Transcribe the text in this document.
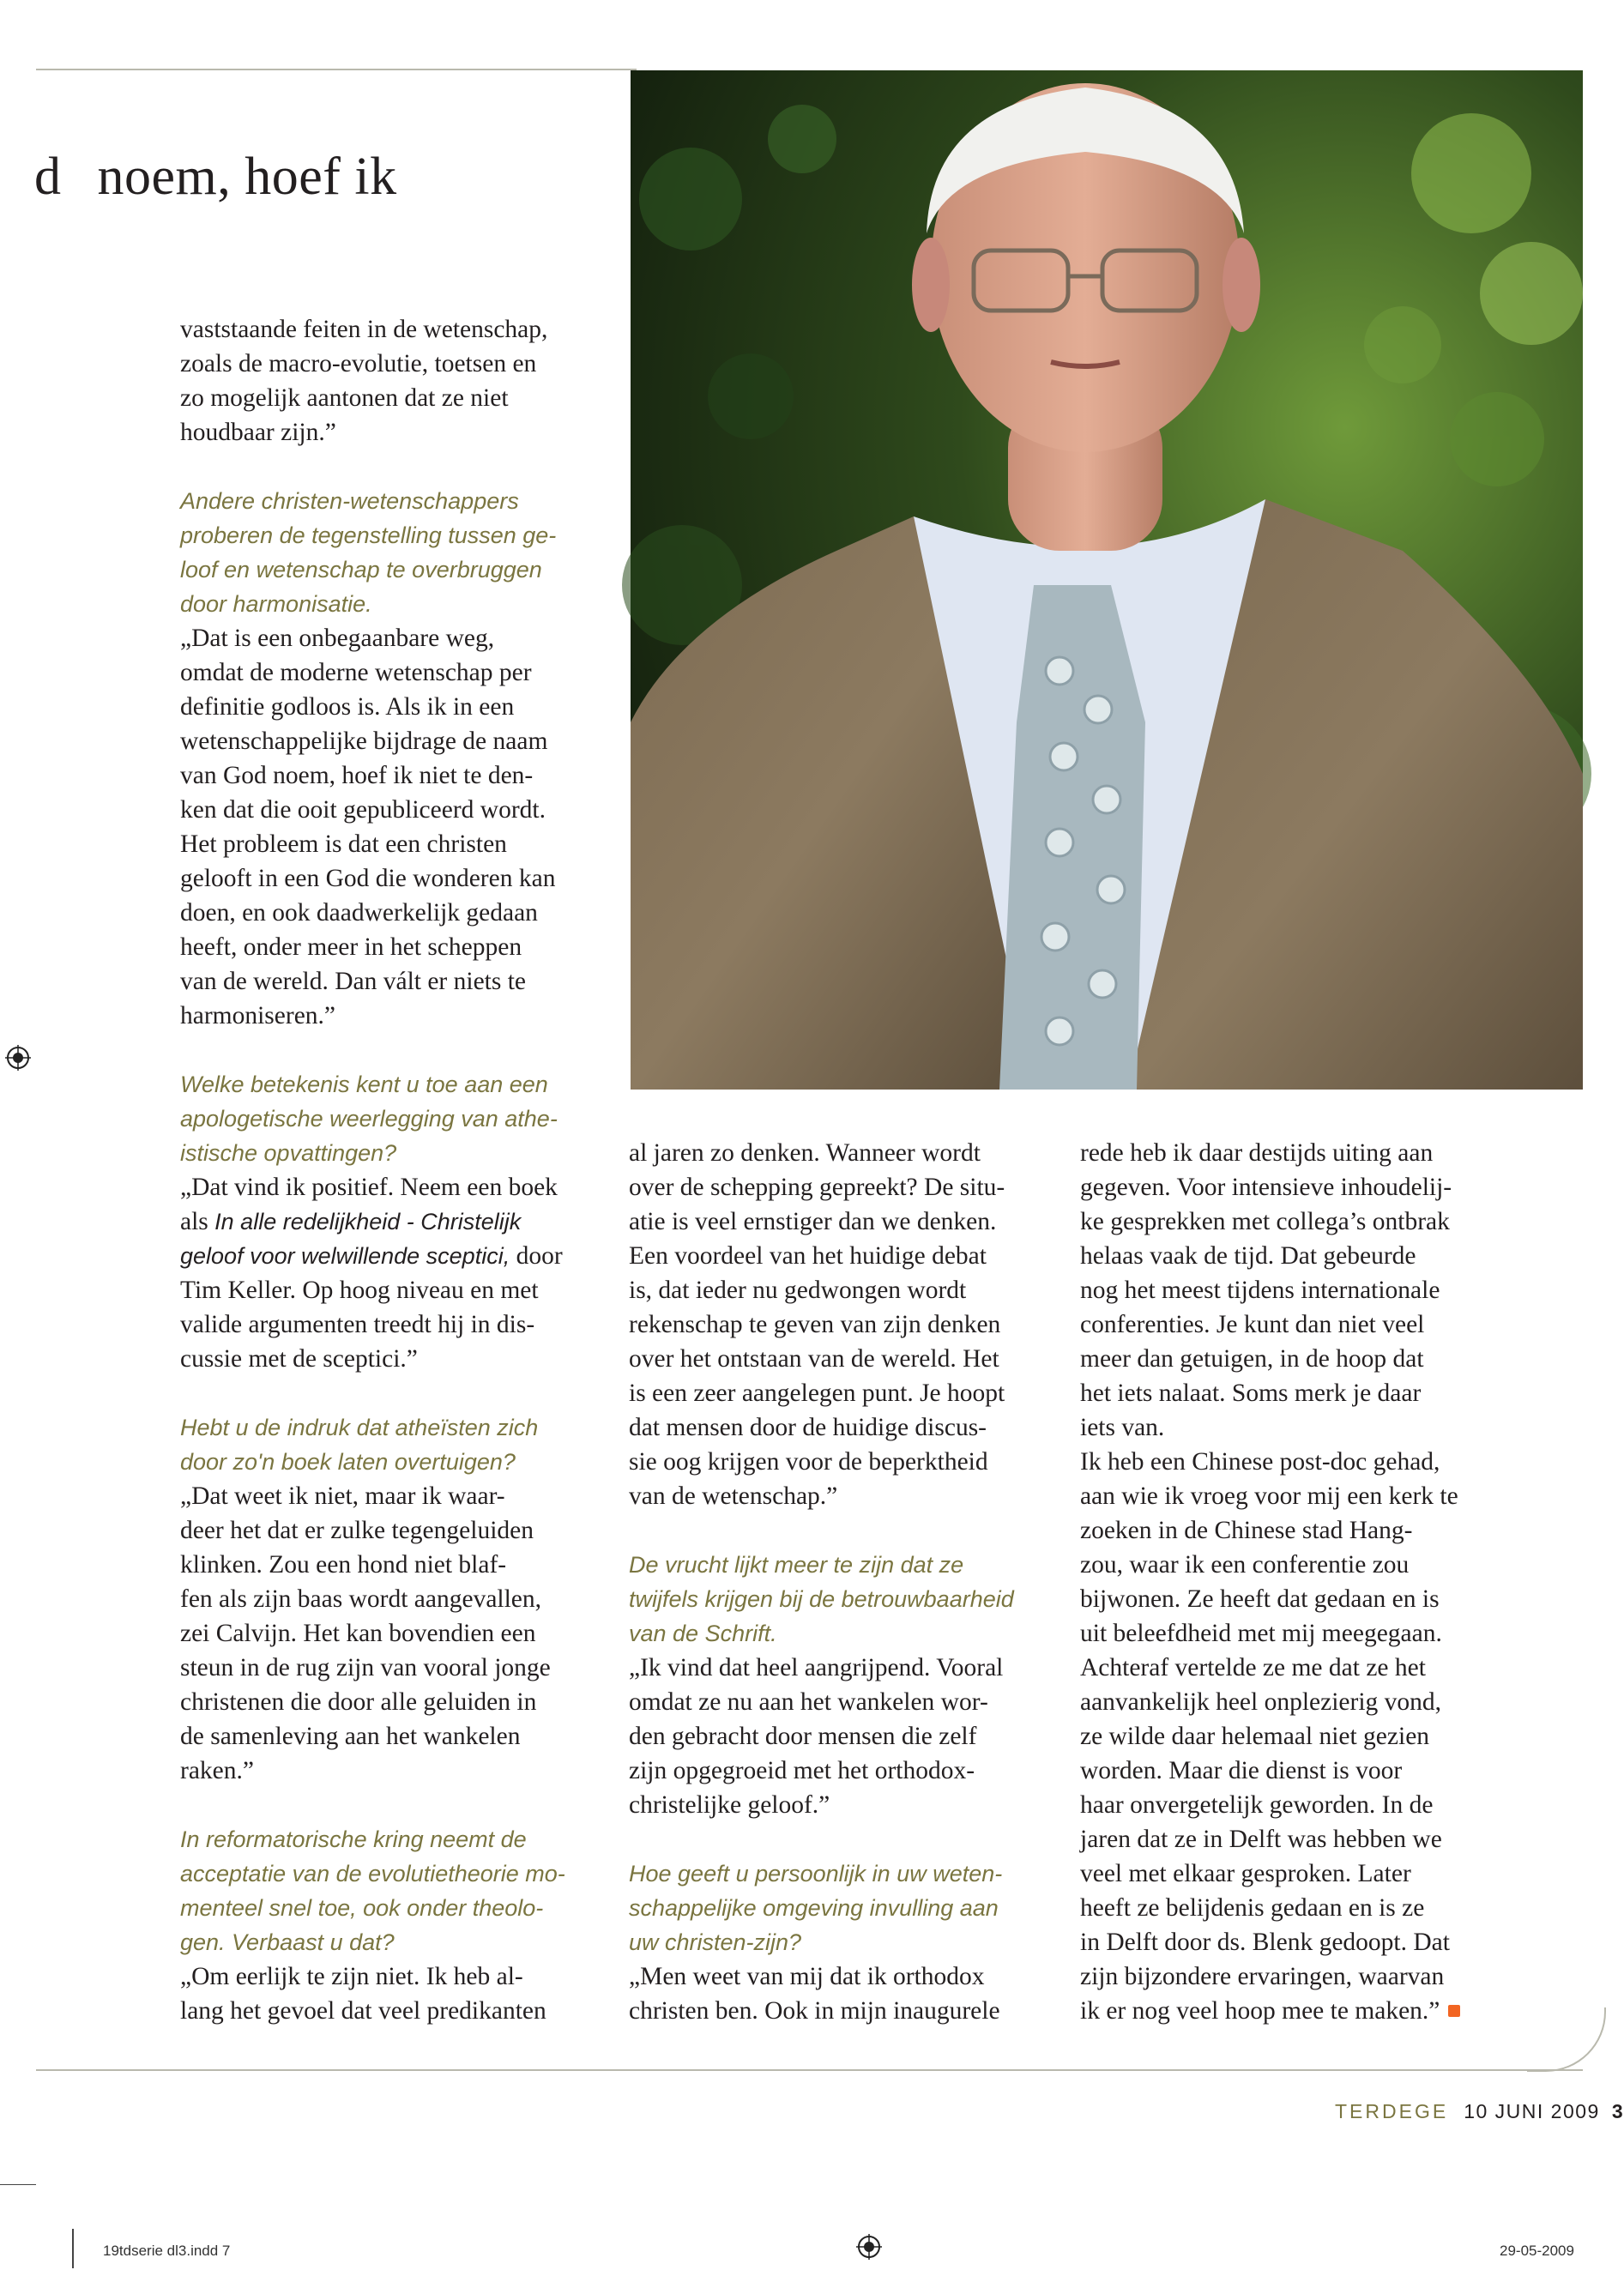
d noem, hoef ik

vaststaande feiten in de wetenschap,

zoals de macro-evolutie, toetsen en

zo mogelijk aantonen dat ze niet

houdbaar zijn.”

Andere christen-wetenschappers

proberen de tegenstelling tussen ge-

loof en wetenschap te overbruggen

door harmonisatie.

„Dat is een onbegaanbare weg,

omdat de moderne wetenschap per

definitie godloos is. Als ik in een

wetenschappelijke bijdrage de naam

van God noem, hoef ik niet te den-

ken dat die ooit gepubliceerd wordt.

Het probleem is dat een christen

gelooft in een God die wonderen kan

doen, en ook daadwerkelijk gedaan

heeft, onder meer in het scheppen

van de wereld. Dan vált er niets te

harmoniseren.”

Welke betekenis kent u toe aan een

apologetische weerlegging van athe-

istische opvattingen?

„Dat vind ik positief. Neem een boek

als In alle redelijkheid - Christelijk

geloof voor welwillende sceptici, door

Tim Keller. Op hoog niveau en met

valide argumenten treedt hij in dis-

cussie met de sceptici.”

Hebt u de indruk dat atheïsten zich

door zo'n boek laten overtuigen?

„Dat weet ik niet, maar ik waar-

deer het dat er zulke tegengeluiden

klinken. Zou een hond niet blaf-

fen als zijn baas wordt aangevallen,

zei Calvijn. Het kan bovendien een

steun in de rug zijn van vooral jonge

christenen die door alle geluiden in

de samenleving aan het wankelen

raken.”

In reformatorische kring neemt de

acceptatie van de evolutietheorie mo-

menteel snel toe, ook onder theolo-

gen. Verbaast u dat?

„Om eerlijk te zijn niet. Ik heb al-

lang het gevoel dat veel predikanten

al jaren zo denken. Wanneer wordt

over de schepping gepreekt? De situ-

atie is veel ernstiger dan we denken.

Een voordeel van het huidige debat

is, dat ieder nu gedwongen wordt

rekenschap te geven van zijn denken

over het ontstaan van de wereld. Het

is een zeer aangelegen punt. Je hoopt

dat mensen door de huidige discus-

sie oog krijgen voor de beperktheid

van de wetenschap.”

De vrucht lijkt meer te zijn dat ze

twijfels krijgen bij de betrouwbaarheid

van de Schrift.

„Ik vind dat heel aangrijpend. Vooral

omdat ze nu aan het wankelen wor-

den gebracht door mensen die zelf

zijn opgegroeid met het orthodox-

christelijke geloof.”

Hoe geeft u persoonlijk in uw weten-

schappelijke omgeving invulling aan

uw christen-zijn?

„Men weet van mij dat ik orthodox

christen ben. Ook in mijn inaugurele

rede heb ik daar destijds uiting aan

gegeven. Voor intensieve inhoudelij-

ke gesprekken met collega’s ontbrak

helaas vaak de tijd. Dat gebeurde

nog het meest tijdens internationale

conferenties. Je kunt dan niet veel

meer dan getuigen, in de hoop dat

het iets nalaat. Soms merk je daar

iets van.

Ik heb een Chinese post-doc gehad,

aan wie ik vroeg voor mij een kerk te

zoeken in de Chinese stad Hang-

zou, waar ik een conferentie zou

bijwonen. Ze heeft dat gedaan en is

uit beleefdheid met mij meegegaan.

Achteraf vertelde ze me dat ze het

aanvankelijk heel onplezierig vond,

ze wilde daar helemaal niet gezien

worden. Maar die dienst is voor

haar onvergetelijk geworden. In de

jaren dat ze in Delft was hebben we

veel met elkaar gesproken. Later

heeft ze belijdenis gedaan en is ze

in Delft door ds. Blenk gedoopt. Dat

zijn bijzondere ervaringen, waarvan

ik er nog veel hoop mee te maken.”

TERDEGE 10 JUNI 2009 3
19tdserie dl3.indd 7	29-05-2009
